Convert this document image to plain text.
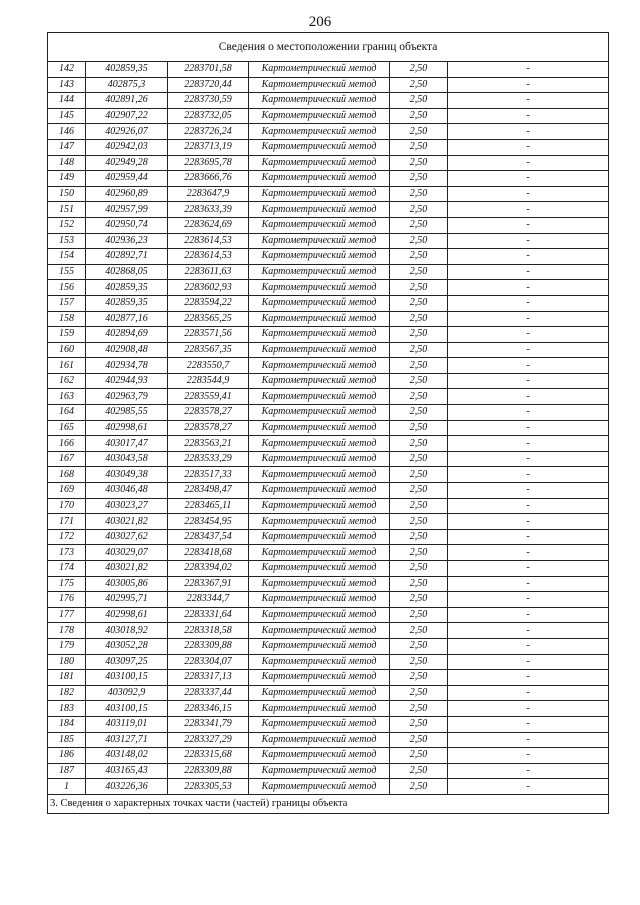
206
Сведения о местоположении границ объекта					
142	402859,35	2283701,58	Картометрический метод	2,50	-
143	402875,3	2283720,44	Картометрический метод	2,50	-
144	402891,26	2283730,59	Картометрический метод	2,50	-
145	402907,22	2283732,05	Картометрический метод	2,50	-
146	402926,07	2283726,24	Картометрический метод	2,50	-
147	402942,03	2283713,19	Картометрический метод	2,50	-
148	402949,28	2283695,78	Картометрический метод	2,50	-
149	402959,44	2283666,76	Картометрический метод	2,50	-
150	402960,89	2283647,9	Картометрический метод	2,50	-
151	402957,99	2283633,39	Картометрический метод	2,50	-
152	402950,74	2283624,69	Картометрический метод	2,50	-
153	402936,23	2283614,53	Картометрический метод	2,50	-
154	402892,71	2283614,53	Картометрический метод	2,50	-
155	402868,05	2283611,63	Картометрический метод	2,50	-
156	402859,35	2283602,93	Картометрический метод	2,50	-
157	402859,35	2283594,22	Картометрический метод	2,50	-
158	402877,16	2283565,25	Картометрический метод	2,50	-
159	402894,69	2283571,56	Картометрический метод	2,50	-
160	402908,48	2283567,35	Картометрический метод	2,50	-
161	402934,78	2283550,7	Картометрический метод	2,50	-
162	402944,93	2283544,9	Картометрический метод	2,50	-
163	402963,79	2283559,41	Картометрический метод	2,50	-
164	402985,55	2283578,27	Картометрический метод	2,50	-
165	402998,61	2283578,27	Картометрический метод	2,50	-
166	403017,47	2283563,21	Картометрический метод	2,50	-
167	403043,58	2283533,29	Картометрический метод	2,50	-
168	403049,38	2283517,33	Картометрический метод	2,50	-
169	403046,48	2283498,47	Картометрический метод	2,50	-
170	403023,27	2283465,11	Картометрический метод	2,50	-
171	403021,82	2283454,95	Картометрический метод	2,50	-
172	403027,62	2283437,54	Картометрический метод	2,50	-
173	403029,07	2283418,68	Картометрический метод	2,50	-
174	403021,82	2283394,02	Картометрический метод	2,50	-
175	403005,86	2283367,91	Картометрический метод	2,50	-
176	402995,71	2283344,7	Картометрический метод	2,50	-
177	402998,61	2283331,64	Картометрический метод	2,50	-
178	403018,92	2283318,58	Картометрический метод	2,50	-
179	403052,28	2283309,88	Картометрический метод	2,50	-
180	403097,25	2283304,07	Картометрический метод	2,50	-
181	403100,15	2283317,13	Картометрический метод	2,50	-
182	403092,9	2283337,44	Картометрический метод	2,50	-
183	403100,15	2283346,15	Картометрический метод	2,50	-
184	403119,01	2283341,79	Картометрический метод	2,50	-
185	403127,71	2283327,29	Картометрический метод	2,50	-
186	403148,02	2283315,68	Картометрический метод	2,50	-
187	403165,43	2283309,88	Картометрический метод	2,50	-
1	403226,36	2283305,53	Картометрический метод	2,50	-
3. Сведения о характерных точках части (частей) границы объекта					
